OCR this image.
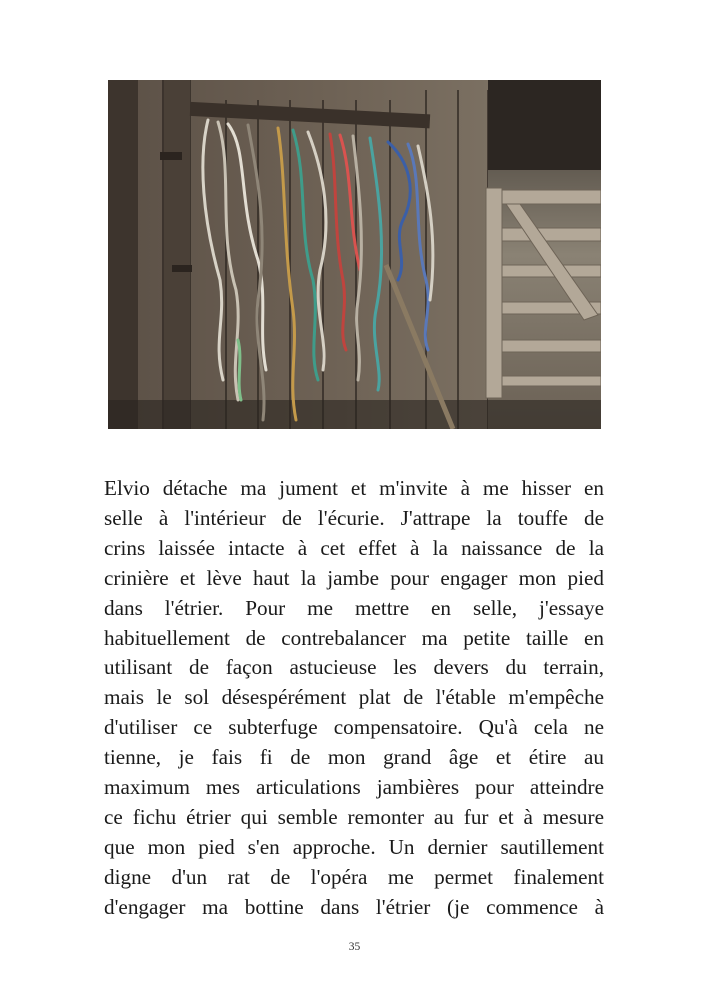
Elvio détache ma jument et m'invite à me hisser en
selle à l'intérieur de l'écurie. J'attrape la touffe de
crins laissée intacte à cet effet à la naissance de la
crinière et lève haut la jambe pour engager mon pied
dans l'étrier. Pour me mettre en selle, j'essaye
habituellement de contrebalancer ma petite taille en
utilisant de façon astucieuse les devers du terrain,
mais le sol désespérément plat de l'étable m'empêche
d'utiliser ce subterfuge compensatoire. Qu'à cela ne
tienne, je fais fi de mon grand âge et étire au
maximum mes articulations jambières pour atteindre
ce fichu étrier qui semble remonter au fur et à mesure
que mon pied s'en approche. Un dernier sautillement
digne d'un rat de l'opéra me permet finalement
d'engager ma bottine dans l'étrier (je commence à

35
